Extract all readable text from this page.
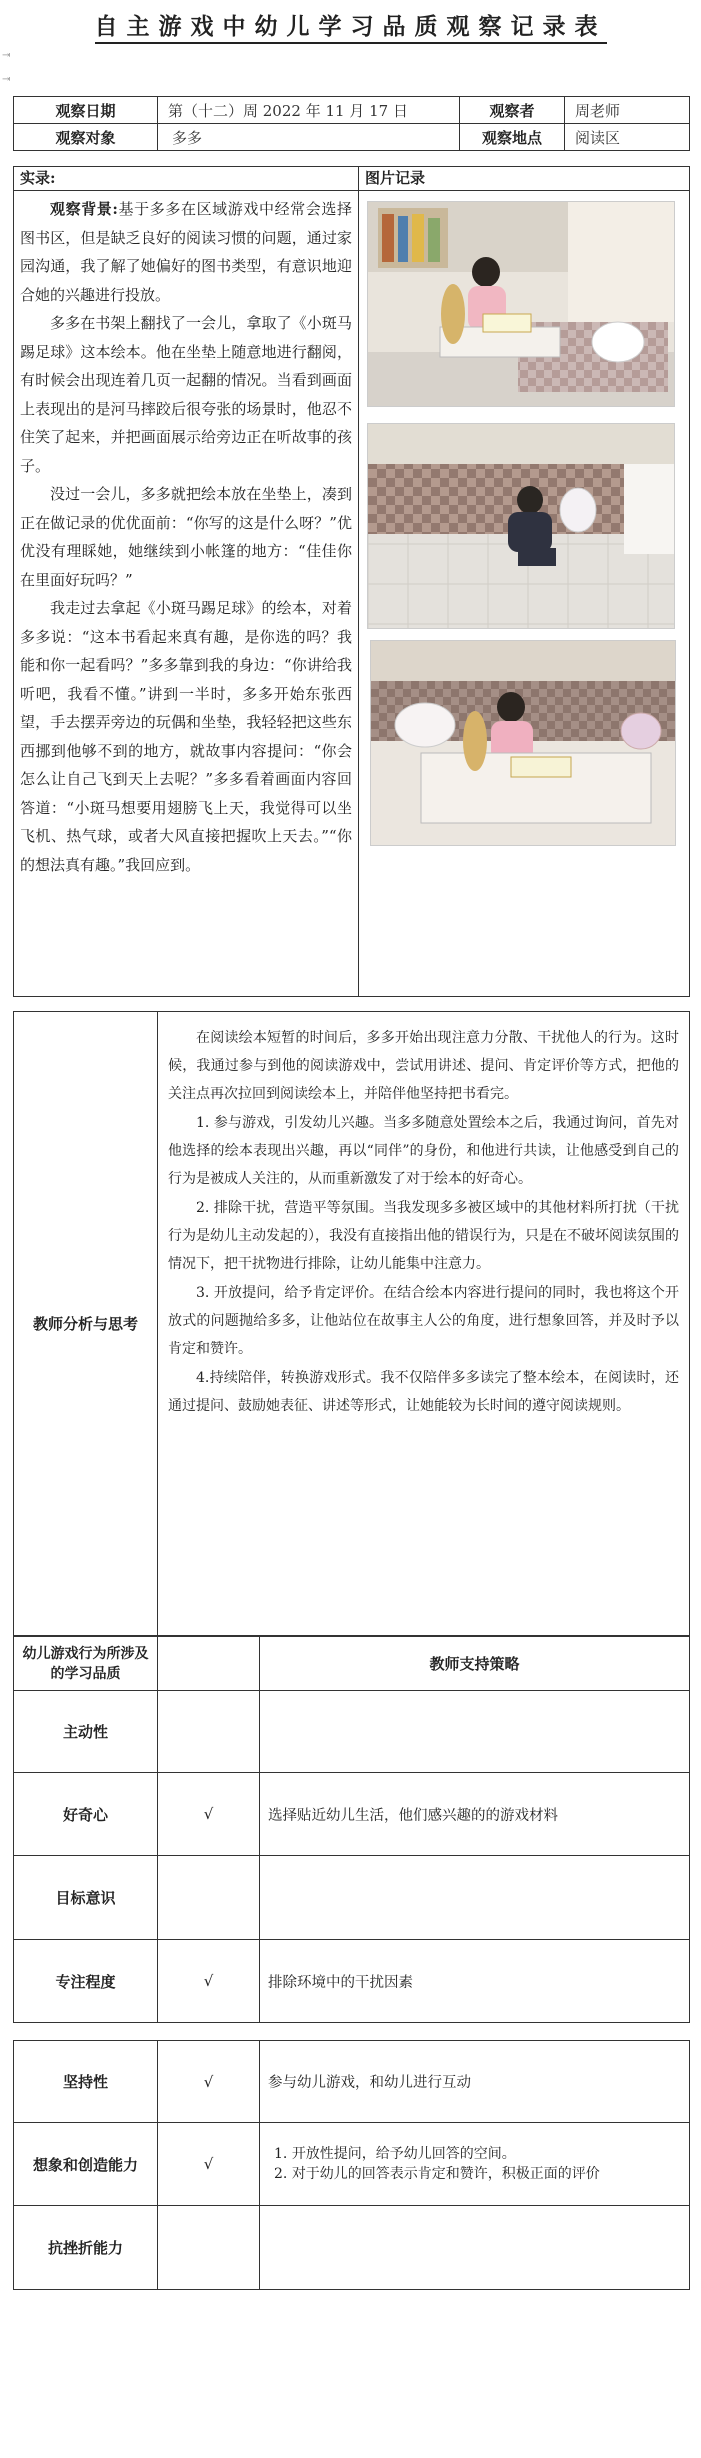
自主游戏中幼儿学习品质观察记录表
⇥
⇥
观察日期	第（十二）周 2022 年 11 月 17 日	观察者	周老师
观察对象	多多	观察地点	阅读区
实录:	图片记录

观察背景:基于多多在区域游戏中经常会选择图书区，但是缺乏良好的阅读习惯的问题，通过家园沟通，我了解了她偏好的图书类型，有意识地迎合她的兴趣进行投放。

多多在书架上翻找了一会儿，拿取了《小斑马踢足球》这本绘本。他在坐垫上随意地进行翻阅，有时候会出现连着几页一起翻的情况。当看到画面上表现出的是河马摔跤后很夸张的场景时，他忍不住笑了起来，并把画面展示给旁边正在听故事的孩子。

没过一会儿，多多就把绘本放在坐垫上，凑到正在做记录的优优面前：“你写的这是什么呀？”优优没有理睬她，她继续到小帐篷的地方：“佳佳你在里面好玩吗？”

我走过去拿起《小斑马踢足球》的绘本，对着多多说：“这本书看起来真有趣，是你选的吗？我能和你一起看吗？”多多靠到我的身边：“你讲给我听吧，我看不懂。”讲到一半时，多多开始东张西望，手去摆弄旁边的玩偶和坐垫，我轻轻把这些东西挪到他够不到的地方，就故事内容提问：“你会怎么让自己飞到天上去呢？”多多看着画面内容回答道：“小斑马想要用翅膀飞上天，我觉得可以坐飞机、热气球，或者大风直接把握吹上天去。”“你的想法真有趣。”我回应到。

教师分析与思考	

在阅读绘本短暂的时间后，多多开始出现注意力分散、干扰他人的行为。这时候，我通过参与到他的阅读游戏中，尝试用讲述、提问、肯定评价等方式，把他的关注点再次拉回到阅读绘本上，并陪伴他坚持把书看完。

1. 参与游戏，引发幼儿兴趣。当多多随意处置绘本之后，我通过询问，首先对他选择的绘本表现出兴趣，再以“同伴”的身份，和他进行共读，让他感受到自己的行为是被成人关注的，从而重新激发了对于绘本的好奇心。

2. 排除干扰，营造平等氛围。当我发现多多被区域中的其他材料所打扰（干扰行为是幼儿主动发起的），我没有直接指出他的错误行为，只是在不破坏阅读氛围的情况下，把干扰物进行排除，让幼儿能集中注意力。

3. 开放提问，给予肯定评价。在结合绘本内容进行提问的同时，我也将这个开放式的问题抛给多多，让他站位在故事主人公的角度，进行想象回答，并及时予以肯定和赞许。

4.持续陪伴，转换游戏形式。我不仅陪伴多多读完了整本绘本，在阅读时，还通过提问、鼓励她表征、讲述等形式，让她能较为长时间的遵守阅读规则。

幼儿游戏行为所涉及的学习品质		教师支持策略
主动性		
好奇心	√	选择贴近幼儿生活，他们感兴趣的的游戏材料
目标意识		
专注程度	√	排除环境中的干扰因素
坚持性	√	参与幼儿游戏，和幼儿进行互动
想象和创造能力	√	1. 开放性提问，给予幼儿回答的空间。
2. 对于幼儿的回答表示肯定和赞许，积极正面的评价

抗挫折能力		
